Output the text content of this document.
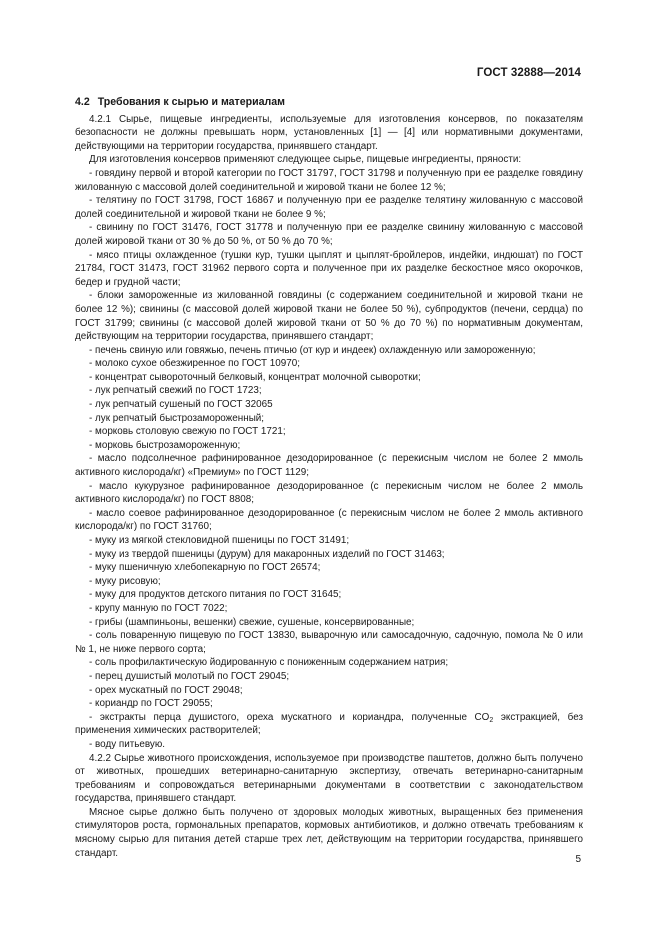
ГОСТ 32888—2014
4.2 Требования к сырью и материалам

4.2.1 Сырье, пищевые ингредиенты, используемые для изготовления консервов, по показателям безопасности не должны превышать норм, установленных [1] — [4] или нормативными документами, действующими на территории государства, принявшего стандарт.

Для изготовления консервов применяют следующее сырье, пищевые ингредиенты, пряности:

- говядину первой и второй категории по ГОСТ 31797, ГОСТ 31798 и полученную при ее разделке говядину жилованную с массовой долей соединительной и жировой ткани не более 12 %;

- телятину по ГОСТ 31798, ГОСТ 16867 и полученную при ее разделке телятину жилованную с массовой долей соединительной и жировой ткани не более 9 %;

- свинину по ГОСТ 31476, ГОСТ 31778 и полученную при ее разделке свинину жилованную с массовой долей жировой ткани от 30 % до 50 %, от 50 % до 70 %;

- мясо птицы охлажденное (тушки кур, тушки цыплят и цыплят-бройлеров, индейки, индюшат) по ГОСТ 21784, ГОСТ 31473, ГОСТ 31962 первого сорта и полученное при их разделке бескостное мясо окорочков, бедер и грудной части;

- блоки замороженные из жилованной говядины (с содержанием соединительной и жировой ткани не более 12 %); свинины (с массовой долей жировой ткани не более 50 %), субпродуктов (печени, сердца) по ГОСТ 31799; свинины (с массовой долей жировой ткани от 50 % до 70 %) по нормативным документам, действующим на территории государства, принявшего стандарт;

- печень свиную или говяжью, печень птичью (от кур и индеек) охлажденную или замороженную;

- молоко сухое обезжиренное по ГОСТ 10970;

- концентрат сывороточный белковый, концентрат молочной сыворотки;

- лук репчатый свежий по ГОСТ 1723;

- лук репчатый сушеный по ГОСТ 32065

- лук репчатый быстрозамороженный;

- морковь столовую свежую по ГОСТ 1721;

- морковь быстрозамороженную;

- масло подсолнечное рафинированное дезодорированное (с перекисным числом не более 2 ммоль активного кислорода/кг) «Премиум» по ГОСТ 1129;

- масло кукурузное рафинированное дезодорированное (с перекисным числом не более 2 ммоль активного кислорода/кг) по ГОСТ 8808;

- масло соевое рафинированное дезодорированное (с перекисным числом не более 2 ммоль активного кислорода/кг) по ГОСТ 31760;

- муку из мягкой стекловидной пшеницы по ГОСТ 31491;

- муку из твердой пшеницы (дурум) для макаронных изделий по ГОСТ 31463;

- муку пшеничную хлебопекарную по ГОСТ 26574;

- муку рисовую;

- муку для продуктов детского питания по ГОСТ 31645;

- крупу манную по ГОСТ 7022;

- грибы (шампиньоны, вешенки) свежие, сушеные, консервированные;

- соль поваренную пищевую по ГОСТ 13830, выварочную или самосадочную, садочную, помола № 0 или № 1, не ниже первого сорта;

- соль профилактическую йодированную с пониженным содержанием натрия;

- перец душистый молотый по ГОСТ 29045;

- орех мускатный по ГОСТ 29048;

- кориандр по ГОСТ 29055;

- экстракты перца душистого, ореха мускатного и кориандра, полученные $CO_2$ экстракцией, без применения химических растворителей;

- воду питьевую.

4.2.2 Сырье животного происхождения, используемое при производстве паштетов, должно быть получено от животных, прошедших ветеринарно-санитарную экспертизу, отвечать ветеринарно-санитарным требованиям и сопровождаться ветеринарными документами в соответствии с законодательством государства, принявшего стандарт.

Мясное сырье должно быть получено от здоровых молодых животных, выращенных без применения стимуляторов роста, гормональных препаратов, кормовых антибиотиков, и должно отвечать требованиям к мясному сырью для питания детей старше трех лет, действующим на территории государства, принявшего стандарт.

5
